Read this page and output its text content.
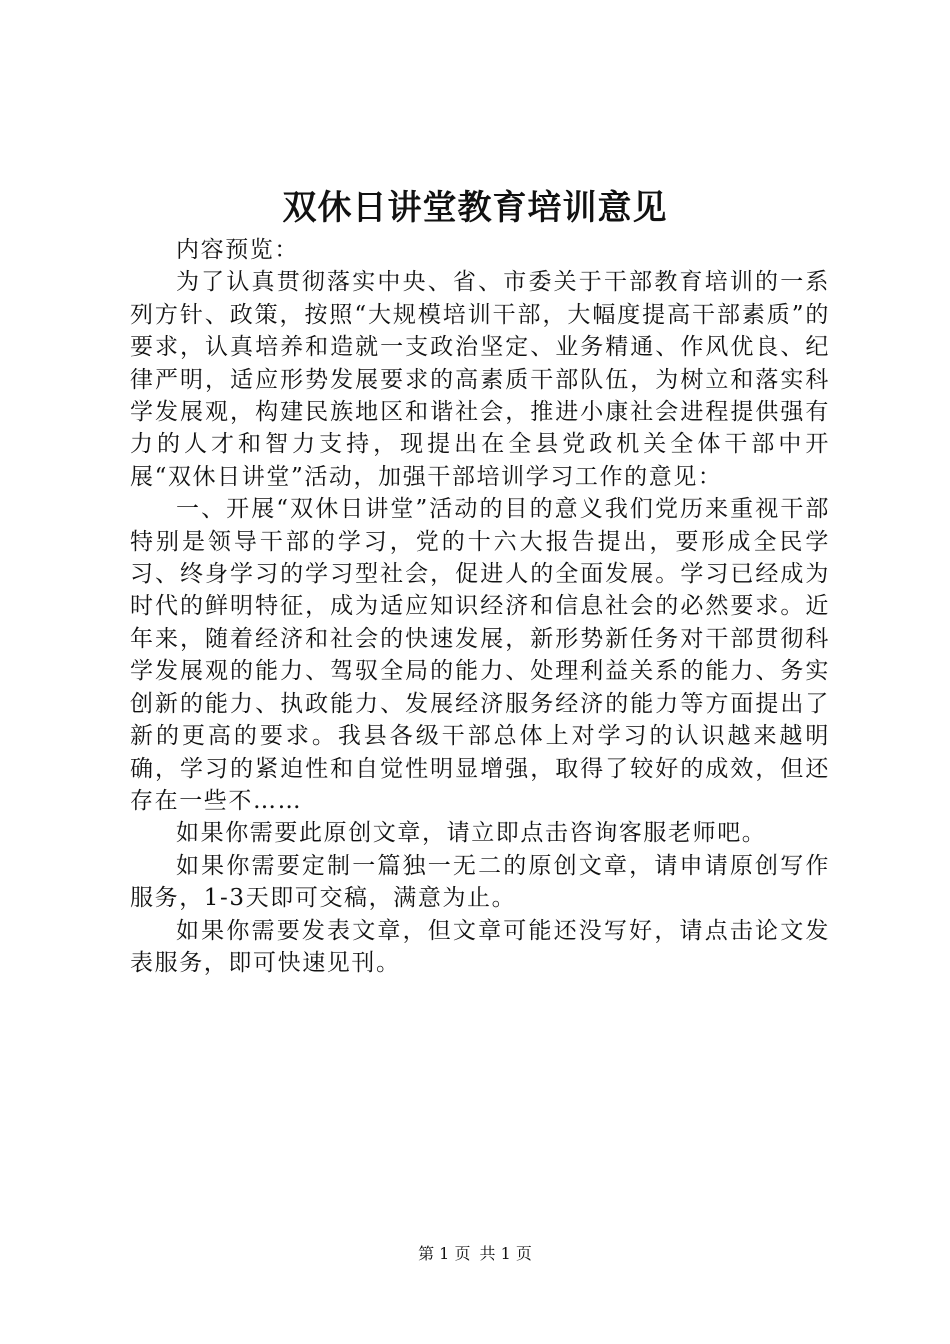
双休日讲堂教育培训意见

内容预览：

为了认真贯彻落实中央、省、市委关于干部教育培训的一系列方针、政策，按照“大规模培训干部，大幅度提高干部素质”的要求，认真培养和造就一支政治坚定、业务精通、作风优良、纪律严明，适应形势发展要求的高素质干部队伍，为树立和落实科学发展观，构建民族地区和谐社会，推进小康社会进程提供强有力的人才和智力支持，现提出在全县党政机关全体干部中开展“双休日讲堂”活动，加强干部培训学习工作的意见：

一、开展“双休日讲堂”活动的目的意义我们党历来重视干部特别是领导干部的学习，党的十六大报告提出，要形成全民学习、终身学习的学习型社会，促进人的全面发展。学习已经成为时代的鲜明特征，成为适应知识经济和信息社会的必然要求。近年来，随着经济和社会的快速发展，新形势新任务对干部贯彻科学发展观的能力、驾驭全局的能力、处理利益关系的能力、务实创新的能力、执政能力、发展经济服务经济的能力等方面提出了新的更高的要求。我县各级干部总体上对学习的认识越来越明确，学习的紧迫性和自觉性明显增强，取得了较好的成效，但还存在一些不……

如果你需要此原创文章，请立即点击咨询客服老师吧。

如果你需要定制一篇独一无二的原创文章，请申请原创写作服务，1-3天即可交稿，满意为止。

如果你需要发表文章，但文章可能还没写好，请点击论文发表服务，即可快速见刊。

第 1 页 共 1 页
